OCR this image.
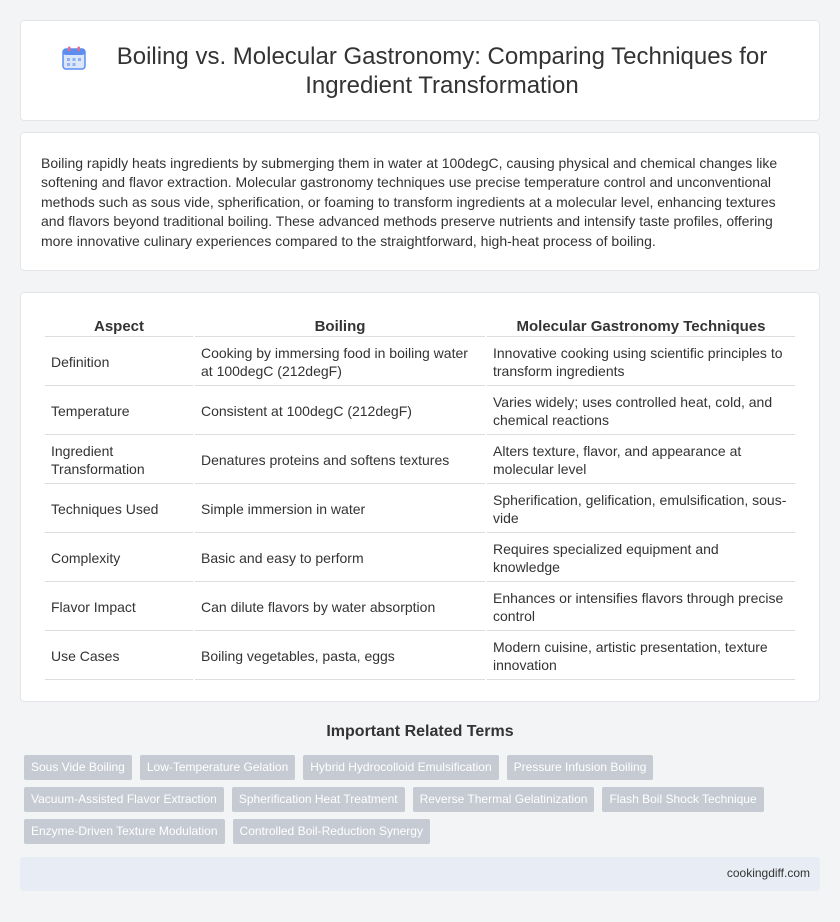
Boiling vs. Molecular Gastronomy: Comparing Techniques for Ingredient Transformation

Boiling rapidly heats ingredients by submerging them in water at 100degC, causing physical and chemical changes like softening and flavor extraction. Molecular gastronomy techniques use precise temperature control and unconventional methods such as sous vide, spherification, or foaming to transform ingredients at a molecular level, enhancing textures and flavors beyond traditional boiling. These advanced methods preserve nutrients and intensify taste profiles, offering more innovative culinary experiences compared to the straightforward, high-heat process of boiling.

Aspect	Boiling	Molecular Gastronomy Techniques
Definition	Cooking by immersing food in boiling water at 100degC (212degF)	Innovative cooking using scientific principles to transform ingredients
Temperature	Consistent at 100degC (212degF)	Varies widely; uses controlled heat, cold, and chemical reactions
Ingredient Transformation	Denatures proteins and softens textures	Alters texture, flavor, and appearance at molecular level
Techniques Used	Simple immersion in water	Spherification, gelification, emulsification, sous-vide
Complexity	Basic and easy to perform	Requires specialized equipment and knowledge
Flavor Impact	Can dilute flavors by water absorption	Enhances or intensifies flavors through precise control
Use Cases	Boiling vegetables, pasta, eggs	Modern cuisine, artistic presentation, texture innovation
Important Related Terms
Sous Vide Boiling	Low-Temperature Gelation	Hybrid Hydrocolloid Emulsification	Pressure Infusion Boiling
Vacuum-Assisted Flavor Extraction	Spherification Heat Treatment	Reverse Thermal Gelatinization	Flash Boil Shock Technique
Enzyme-Driven Texture Modulation	Controlled Boil-Reduction Synergy
cookingdiff.com
